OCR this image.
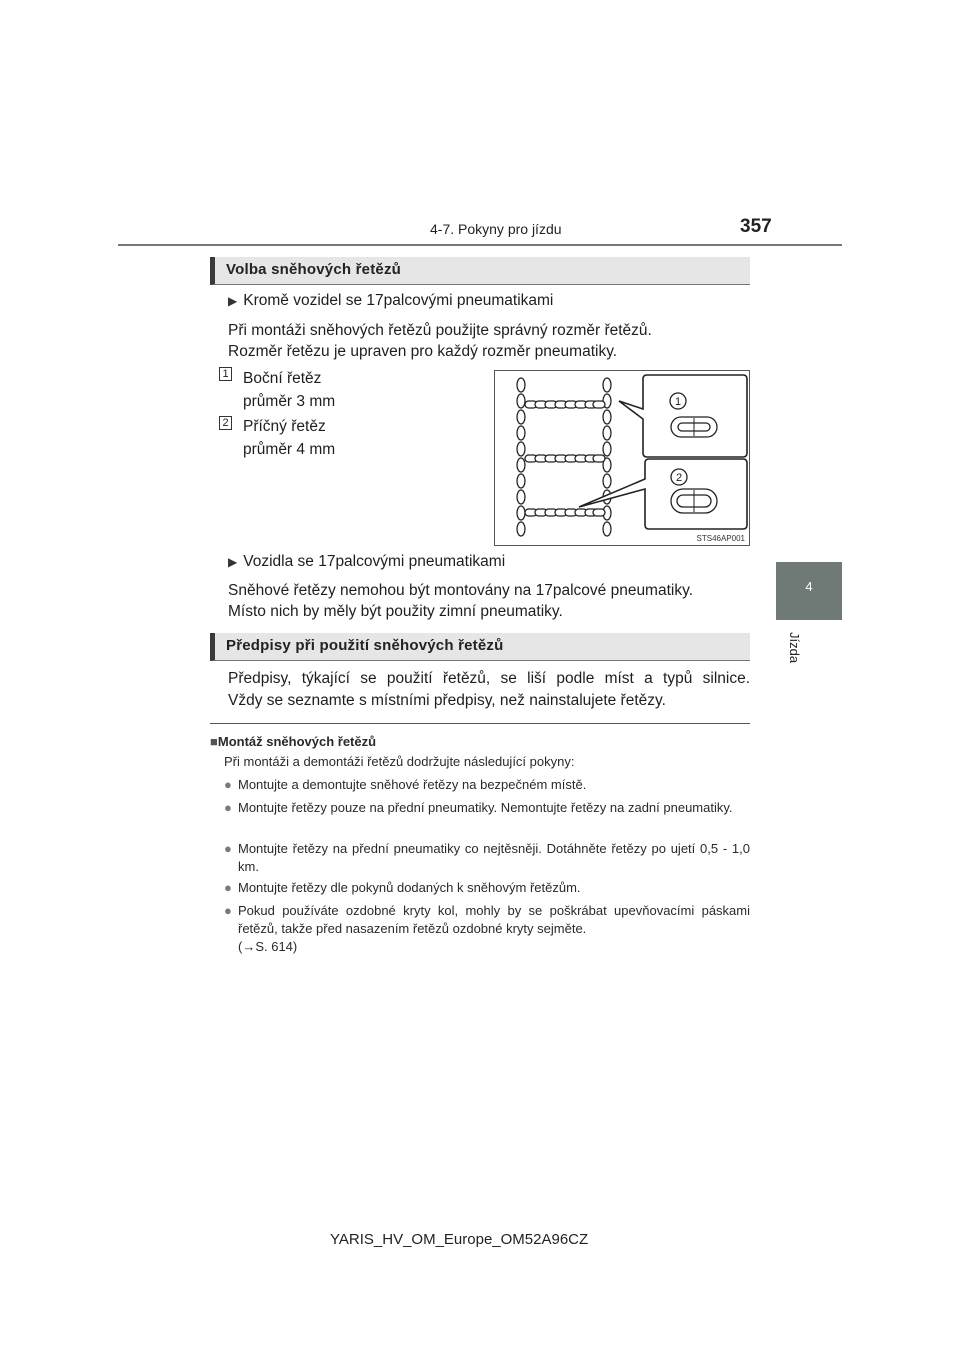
4-7. Pokyny pro jízdu	357
4
Jízda
Volba sněhových řetězů
▶ Kromě vozidel se 17palcovými pneumatikami
Při montáži sněhových řetězů použijte správný rozměr řetězů.
Rozměr řetězu je upraven pro každý rozměr pneumatiky.
1 Boční řetěz
průměr 3 mm
2 Příčný řetěz
průměr 4 mm
1
2
STS46AP001
▶ Vozidla se 17palcovými pneumatikami
Sněhové řetězy nemohou být montovány na 17palcové pneumatiky.
Místo nich by měly být použity zimní pneumatiky.
Předpisy při použití sněhových řetězů
Předpisy, týkající se použití řetězů, se liší podle míst a typů silnice.
Vždy se seznamte s místními předpisy, než nainstalujete řetězy.
■Montáž sněhových řetězů
Při montáži a demontáži řetězů dodržujte následující pokyny:
● Montujte a demontujte sněhové řetězy na bezpečném místě.
● Montujte řetězy pouze na přední pneumatiky. Nemontujte řetězy na zadní pneumatiky.
● Montujte řetězy na přední pneumatiky co nejtěsněji. Dotáhněte řetězy po ujetí 0,5 - 1,0 km.
● Montujte řetězy dle pokynů dodaných k sněhovým řetězům.
● Pokud používáte ozdobné kryty kol, mohly by se poškrábat upevňovacími páskami řetězů, takže před nasazením řetězů ozdobné kryty sejměte.
(→S. 614)
YARIS_HV_OM_Europe_OM52A96CZ
